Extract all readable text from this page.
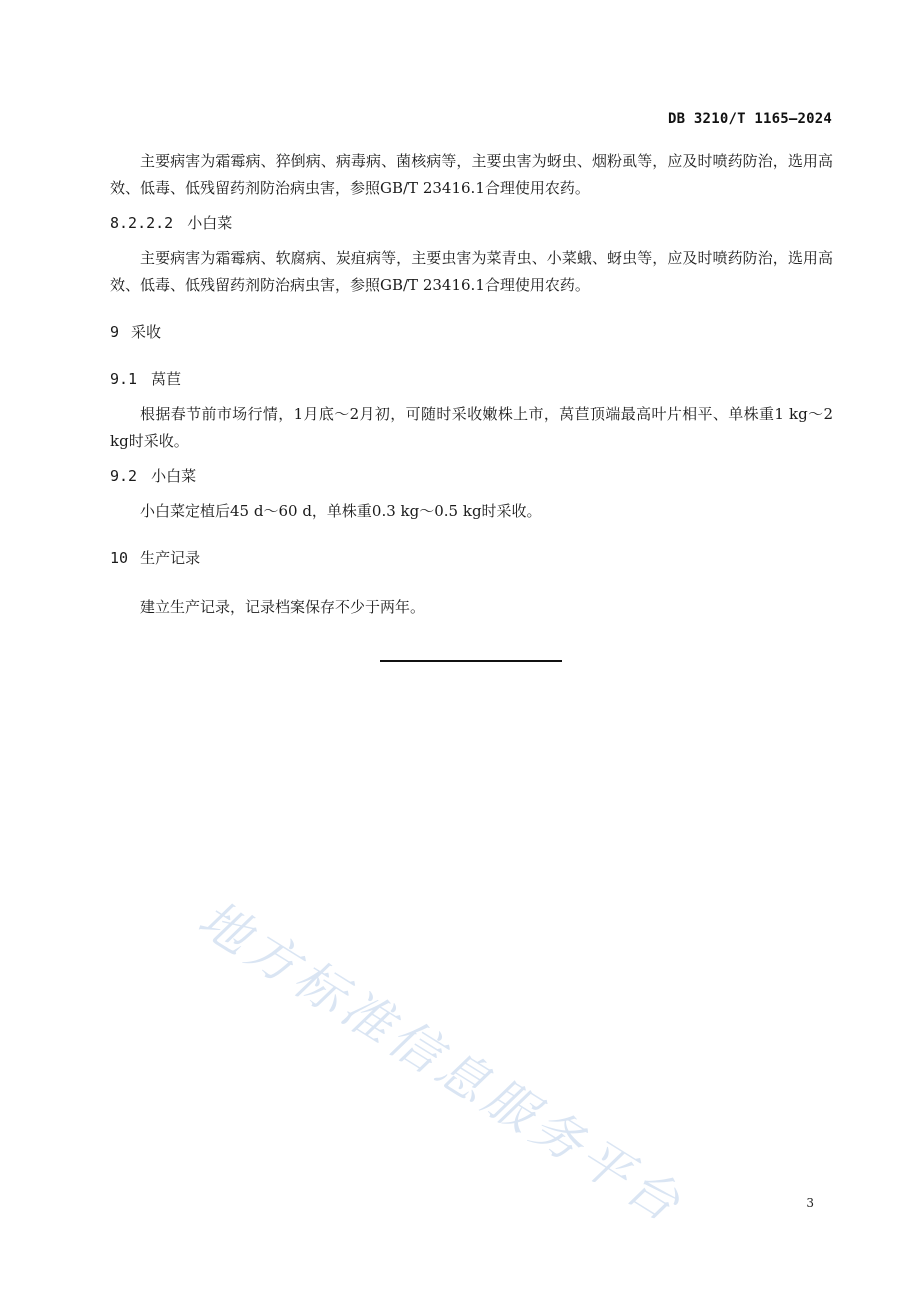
DB 3210/T 1165—2024

主要病害为霜霉病、猝倒病、病毒病、菌核病等，主要虫害为蚜虫、烟粉虱等，应及时喷药防治，选用高效、低毒、低残留药剂防治病虫害，参照GB/T 23416.1合理使用农药。

8.2.2.2 小白菜

主要病害为霜霉病、软腐病、炭疽病等，主要虫害为菜青虫、小菜蛾、蚜虫等，应及时喷药防治，选用高效、低毒、低残留药剂防治病虫害，参照GB/T 23416.1合理使用农药。

9 采收
9.1 莴苣

根据春节前市场行情，1月底～2月初，可随时采收嫩株上市，莴苣顶端最高叶片相平、单株重1 kg～2 kg时采收。

9.2 小白菜

小白菜定植后45 d～60 d，单株重0.3 kg～0.5 kg时采收。

10 生产记录

建立生产记录，记录档案保存不少于两年。

地方标准信息服务平台	3
